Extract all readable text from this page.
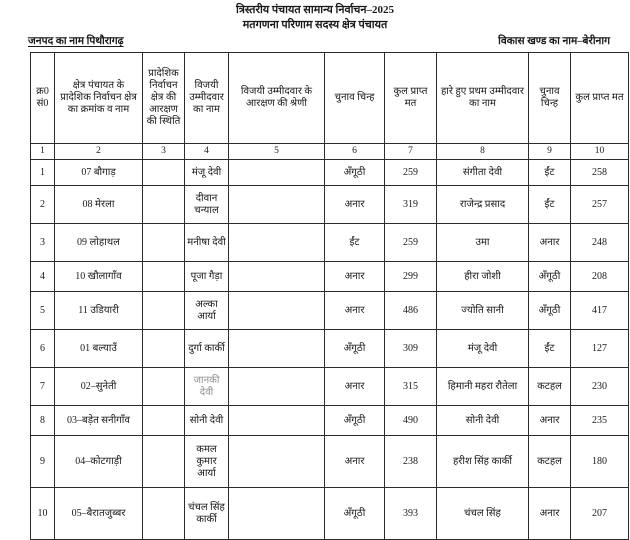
त्रिस्तरीय पंचायत सामान्य निर्वाचन–2025
मतगणना परिणाम सदस्य क्षेत्र पंचायत
जनपद का नाम पिथौरागढ़	विकास खण्ड का नाम–बेरीनाग
क्र0 सं0	क्षेत्र पंचायत के प्रादेशिक निर्वाचन क्षेत्र का क्रमांक व नाम	प्रादेशिक निर्वाचन क्षेत्र की आरक्षण की स्थिति	विजयी उम्मीदवार का नाम	विजयी उम्मीदवार के आरक्षण की श्रेणी	चुनाव चिन्ह	कुल प्राप्त मत	हारे हुए प्रथम उम्मीदवार का नाम	चुनाव चिन्ह	कुल प्राप्त मत
1	2	3	4	5	6	7	8	9	10
1	07 बौगाड़		मंजू देवी		अँगूठी	259	संगीता देवी	ईंट	258
2	08 मेरला		दीवान चन्याल		अनार	319	राजेन्द्र प्रसाद	ईंट	257
3	09 लोहाथल		मनीषा देवी		ईंट	259	उमा	अनार	248
4	10 खौलागाँव		पूजा गैड़ा		अनार	299	हीरा जोशी	अँगूठी	208
5	11 उडियारी		अल्का आर्या		अनार	486	ज्योति सानी	अँगूठी	417
6	01 बल्याउँ		दुर्गा कार्की		अँगूठी	309	मंजू देवी	ईंट	127
7	02–सुनेती		जानकी देवी		अनार	315	हिमानी महरा रौतेला	कटहल	230
8	03–बड़ेत सनीगाँव		सोनी देवी		अँगूठी	490	सोनी देवी	अनार	235
9	04–कोटगाड़ी		कमल कुमार आर्या		अनार	238	हरीश सिंह कार्की	कटहल	180
10	05–बैरातजुब्बर		चंचल सिंह कार्की		अँगूठी	393	चंचल सिंह	अनार	207
